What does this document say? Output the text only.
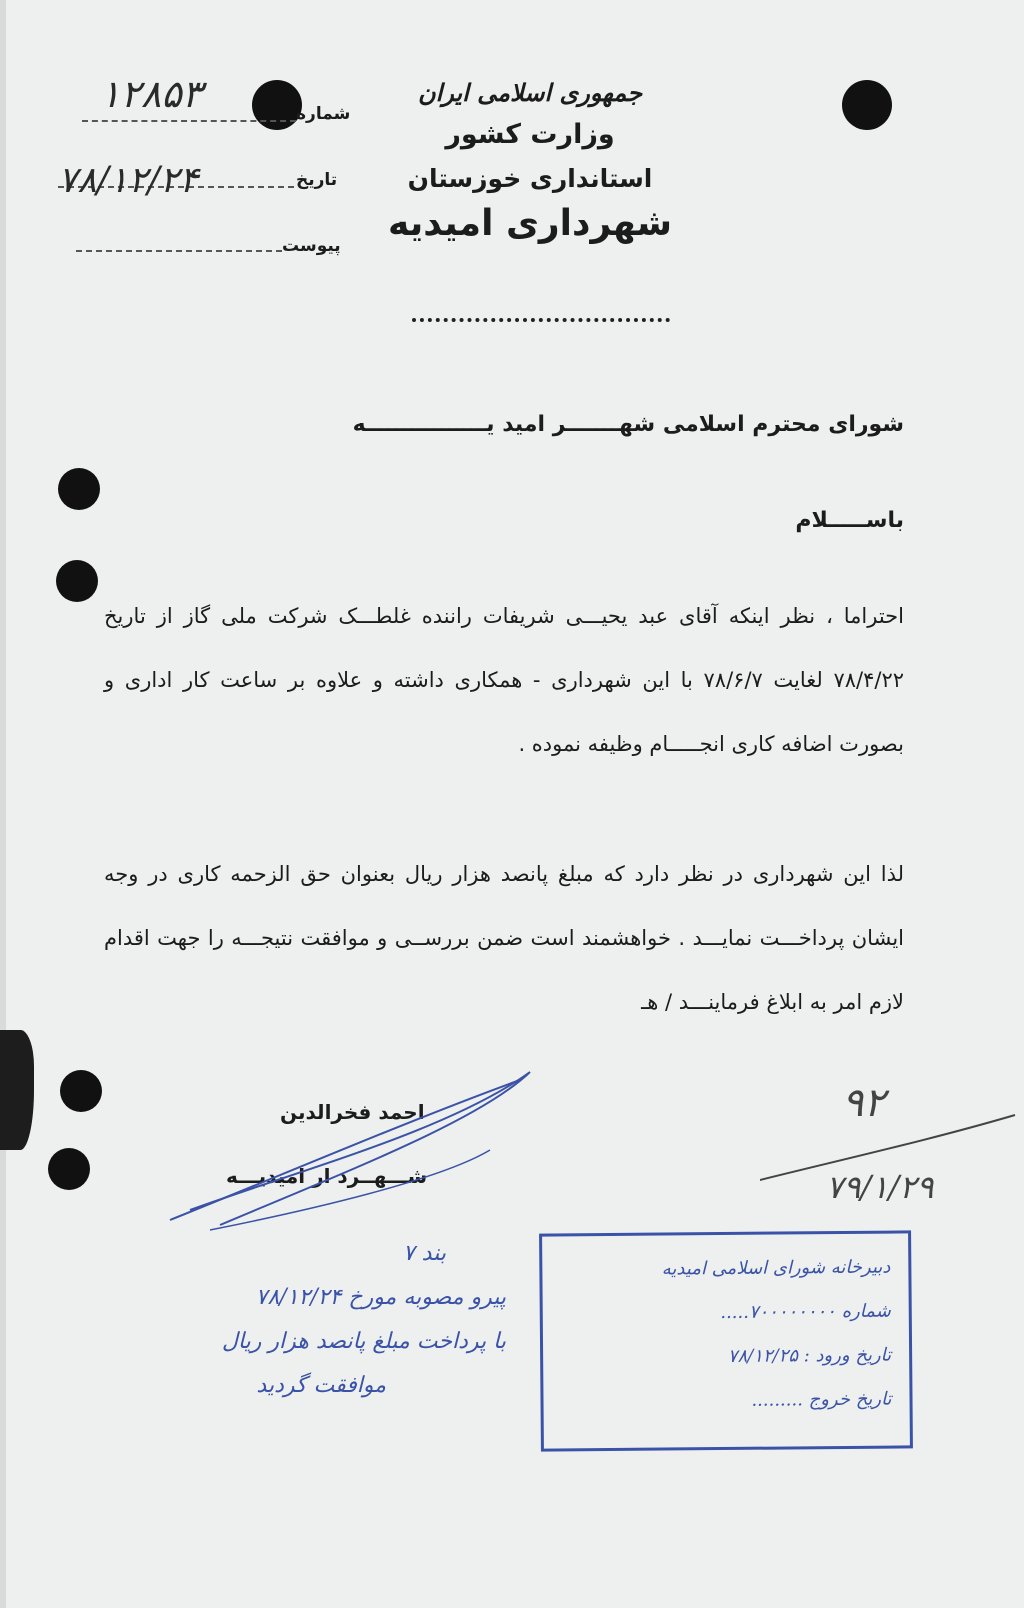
جمهوری اسلامی ایران
وزارت کشور
استانداری خوزستان
شهرداری امیدیه
شماره
۱۲۸۵۳
تاریخ
۷۸/۱۲/۲۴
پیوست
شورای محترم اسلامی شهـــــــر امید یــــــــــــــــه
باســـــلام
احتراما ، نظر اینکه آقای عبد یحیـــی شریفات راننده غلطـــک شرکت ملی گاز از تاریخ ۷۸/۴/۲۲ لغایت ۷۸/۶/۷ با این شهرداری - همکاری داشته و علاوه بر ساعت کار اداری و بصورت اضافه کاری انجـــــام وظیفه نموده .
لذا این شهرداری در نظر دارد که مبلغ پانصد هزار ریال بعنوان حق الزحمه کاری در وجه ایشان پرداخـــت نمایـــد . خواهشمند است ضمن بررســی و موافقت نتیجـــه را جهت اقدام لازم امر به ابلاغ فرماینـــد / هـ
احمد فخرالدین
شـــهــرد ار امیدیـــه
دبیرخانه شورای اسلامی امیدیه
شماره ۷۰۰۰۰۰۰۰۰.....
تاریخ ورود : ۷۸/۱۲/۲۵
تاریخ خروج .........
بند ۷
پیرو مصوبه مورخ ۷۸/۱۲/۲۴
با پرداخت مبلغ پانصد هزار ریال
موافقت گردید
۹۲
۷۹/۱/۲۹
